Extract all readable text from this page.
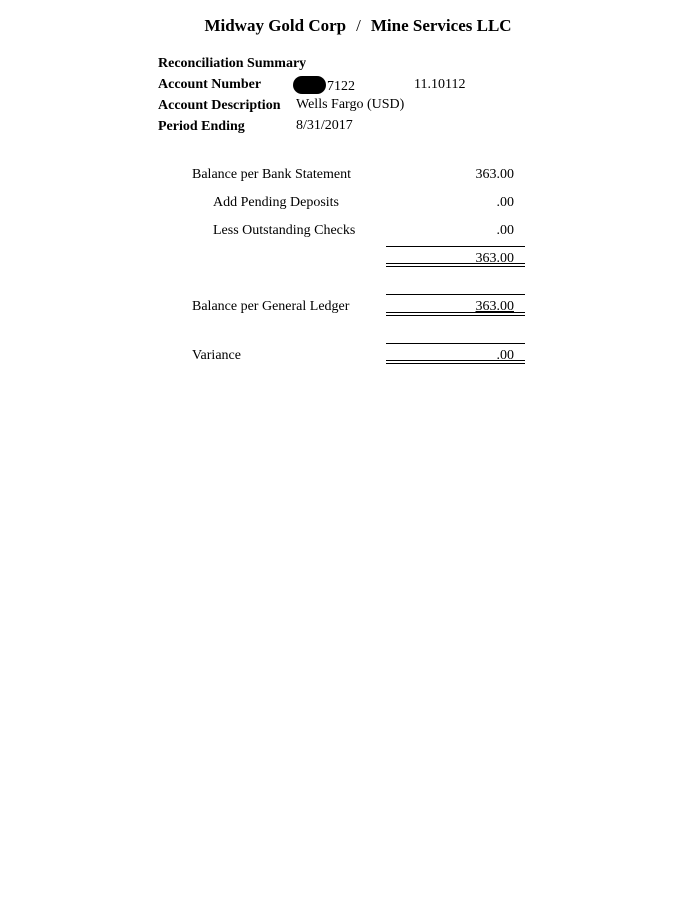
Midway Gold Corp / Mine Services LLC
Reconciliation Summary
Account Number	7122	11.10112
Account Description Wells Fargo (USD)
Period Ending	8/31/2017
Balance per Bank Statement	363.00
Add Pending Deposits	.00
Less Outstanding Checks	.00
363.00
Balance per General Ledger	363.00
Variance	.00
